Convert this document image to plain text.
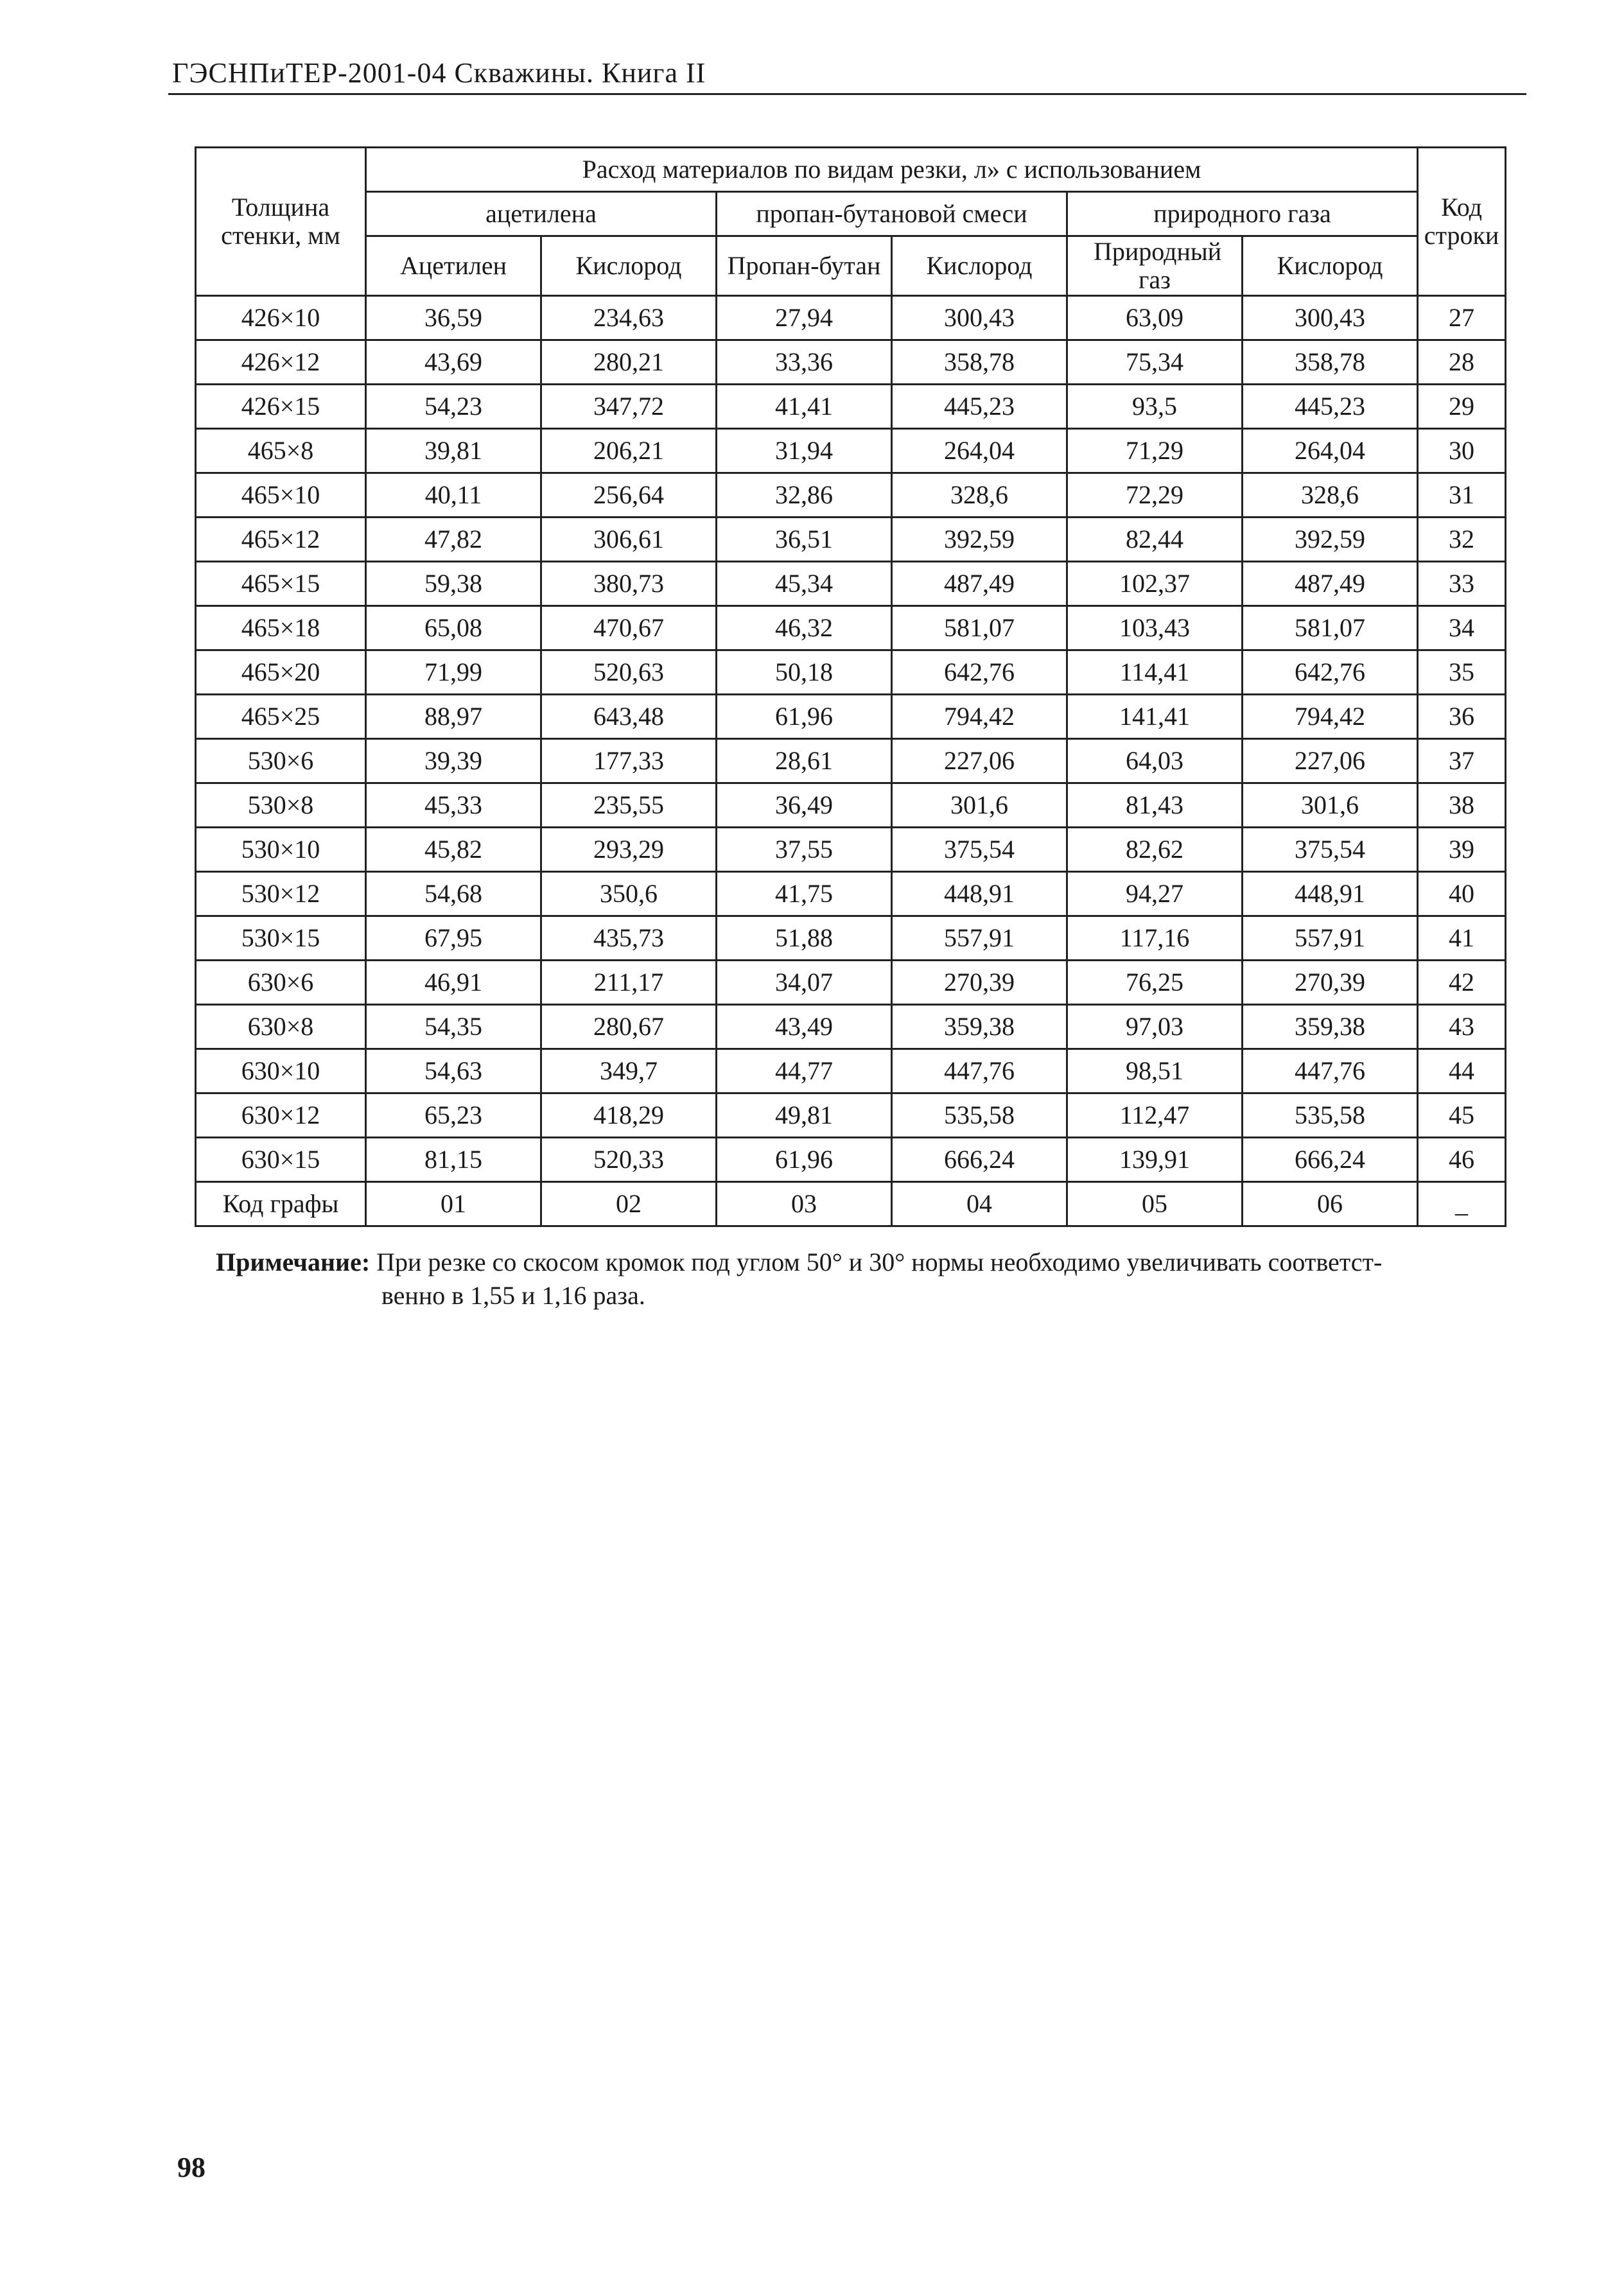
ГЭСНПиТЕР-2001-04 Скважины. Книга II
Толщина стенки, мм	Расход материалов по видам резки, л» с использованием						Код строки
	ацетилена		пропан-бутановой смеси		природного газа		
	Ацетилен	Кислород	Пропан-бутан	Кислород	Природный газ	Кислород	
426×10	36,59	234,63	27,94	300,43	63,09	300,43	27
426×12	43,69	280,21	33,36	358,78	75,34	358,78	28
426×15	54,23	347,72	41,41	445,23	93,5	445,23	29
465×8	39,81	206,21	31,94	264,04	71,29	264,04	30
465×10	40,11	256,64	32,86	328,6	72,29	328,6	31
465×12	47,82	306,61	36,51	392,59	82,44	392,59	32
465×15	59,38	380,73	45,34	487,49	102,37	487,49	33
465×18	65,08	470,67	46,32	581,07	103,43	581,07	34
465×20	71,99	520,63	50,18	642,76	114,41	642,76	35
465×25	88,97	643,48	61,96	794,42	141,41	794,42	36
530×6	39,39	177,33	28,61	227,06	64,03	227,06	37
530×8	45,33	235,55	36,49	301,6	81,43	301,6	38
530×10	45,82	293,29	37,55	375,54	82,62	375,54	39
530×12	54,68	350,6	41,75	448,91	94,27	448,91	40
530×15	67,95	435,73	51,88	557,91	117,16	557,91	41
630×6	46,91	211,17	34,07	270,39	76,25	270,39	42
630×8	54,35	280,67	43,49	359,38	97,03	359,38	43
630×10	54,63	349,7	44,77	447,76	98,51	447,76	44
630×12	65,23	418,29	49,81	535,58	112,47	535,58	45
630×15	81,15	520,33	61,96	666,24	139,91	666,24	46
Код графы	01	02	03	04	05	06	_
Примечание: При резке со скосом кромок под углом 50° и 30° нормы необходимо увеличивать соответст-
венно в 1,55 и 1,16 раза.
98
